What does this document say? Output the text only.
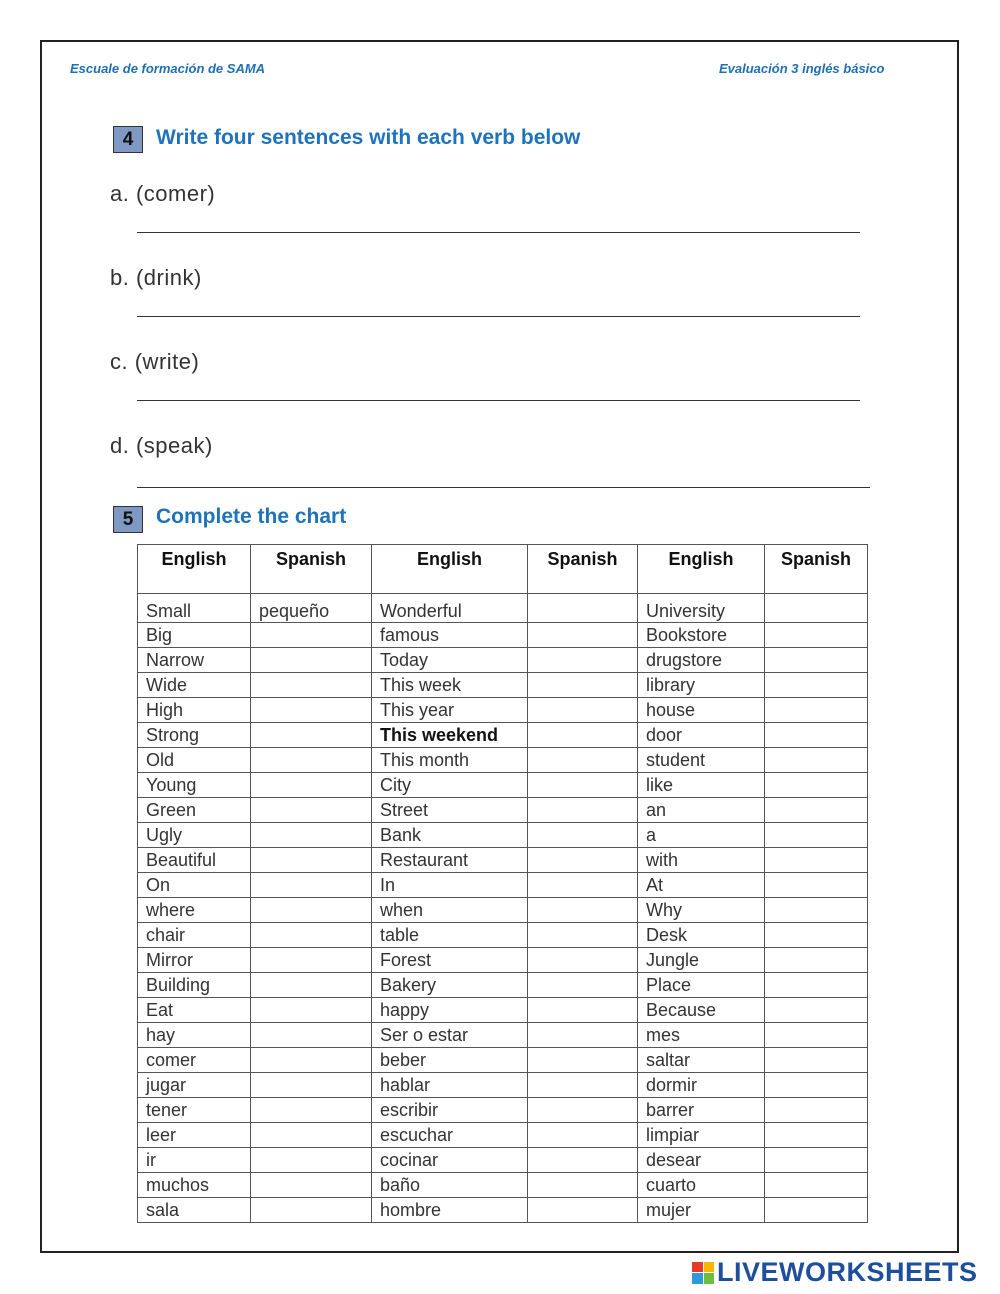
Escuale de formación de SAMA	Evaluación 3 inglés básico
4	Write four sentences with each verb below
a. (comer)
b. (drink)
c. (write)
d. (speak)
5	Complete the chart
English	Spanish	English	Spanish	English	Spanish
Small	pequeño	Wonderful		University	
Big		famous		Bookstore	
Narrow		Today		drugstore	
Wide		This week		library	
High		This year		house	
Strong		This weekend		door	
Old		This month		student	
Young		City		like	
Green		Street		an	
Ugly		Bank		a	
Beautiful		Restaurant		with	
On		In		At	
where		when		Why	
chair		table		Desk	
Mirror		Forest		Jungle	
Building		Bakery		Place	
Eat		happy		Because	
hay		Ser o estar		mes	
comer		beber		saltar	
jugar		hablar		dormir	
tener		escribir		barrer	
leer		escuchar		limpiar	
ir		cocinar		desear	
muchos		baño		cuarto	
sala		hombre		mujer	
LIVEWORKSHEETS
